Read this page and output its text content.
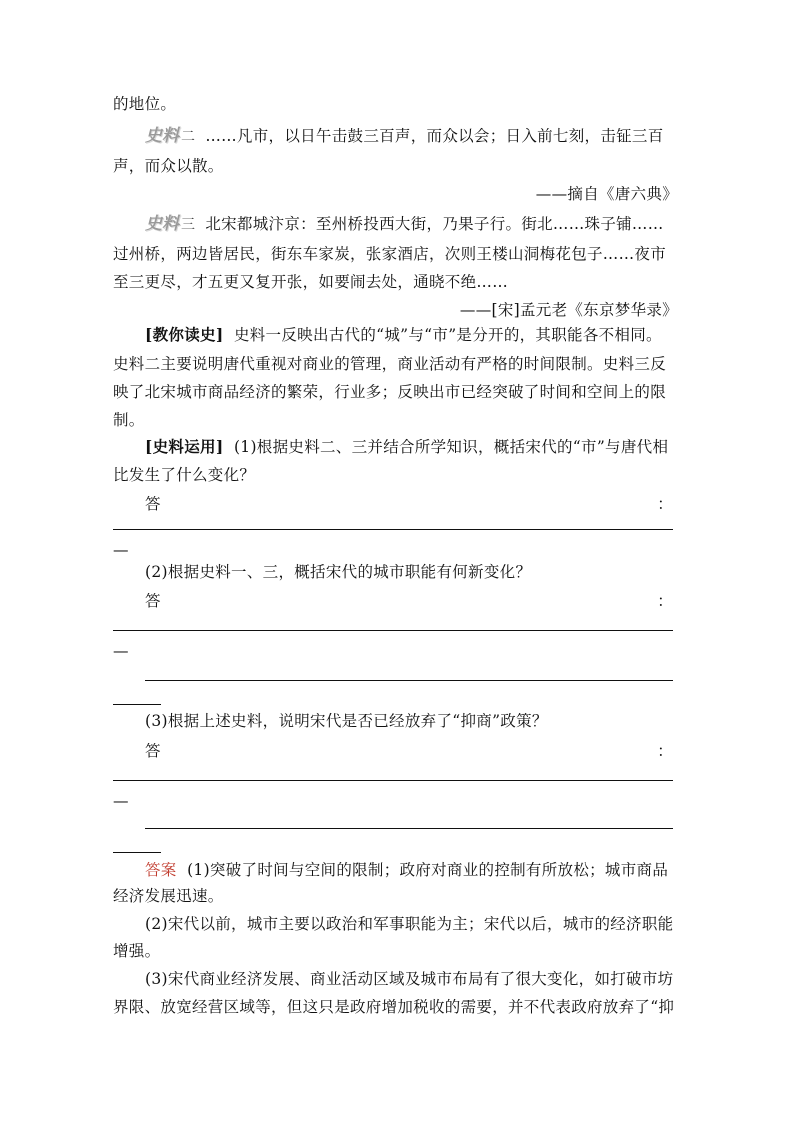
的地位。
史料 二 ……凡市，以日午击鼓三百声，而众以会；日入前七刻，击钲三百
声，而众以散。
——摘自《唐六典》
史料 三 北宋都城汴京：至州桥投西大街，乃果子行。街北……珠子铺……
过州桥，两边皆居民，街东车家炭，张家酒店，次则王楼山洞梅花包子……夜市
至三更尽，才五更又复开张，如要闹去处，通晓不绝……
——[宋]孟元老《东京梦华录》
[教你读史] 史料一反映出古代的“城”与“市”是分开的，其职能各不相同。
史料二主要说明唐代重视对商业的管理，商业活动有严格的时间限制。史料三反
映了北宋城市商品经济的繁荣，行业多；反映出市已经突破了时间和空间上的限
制。
[史料运用] (1)根据史料二、三并结合所学知识，概括宋代的“市”与唐代相
比发生了什么变化？
答	：
—
(2)根据史料一、三，概括宋代的城市职能有何新变化？
答	：
—
(3)根据上述史料，说明宋代是否已经放弃了“抑商”政策？
答	：
—
答案 (1)突破了时间与空间的限制；政府对商业的控制有所放松；城市商品
经济发展迅速。
(2)宋代以前，城市主要以政治和军事职能为主；宋代以后，城市的经济职能
增强。
(3)宋代商业经济发展、商业活动区域及城市布局有了很大变化，如打破市坊
界限、放宽经营区域等，但这只是政府增加税收的需要，并不代表政府放弃了“抑
